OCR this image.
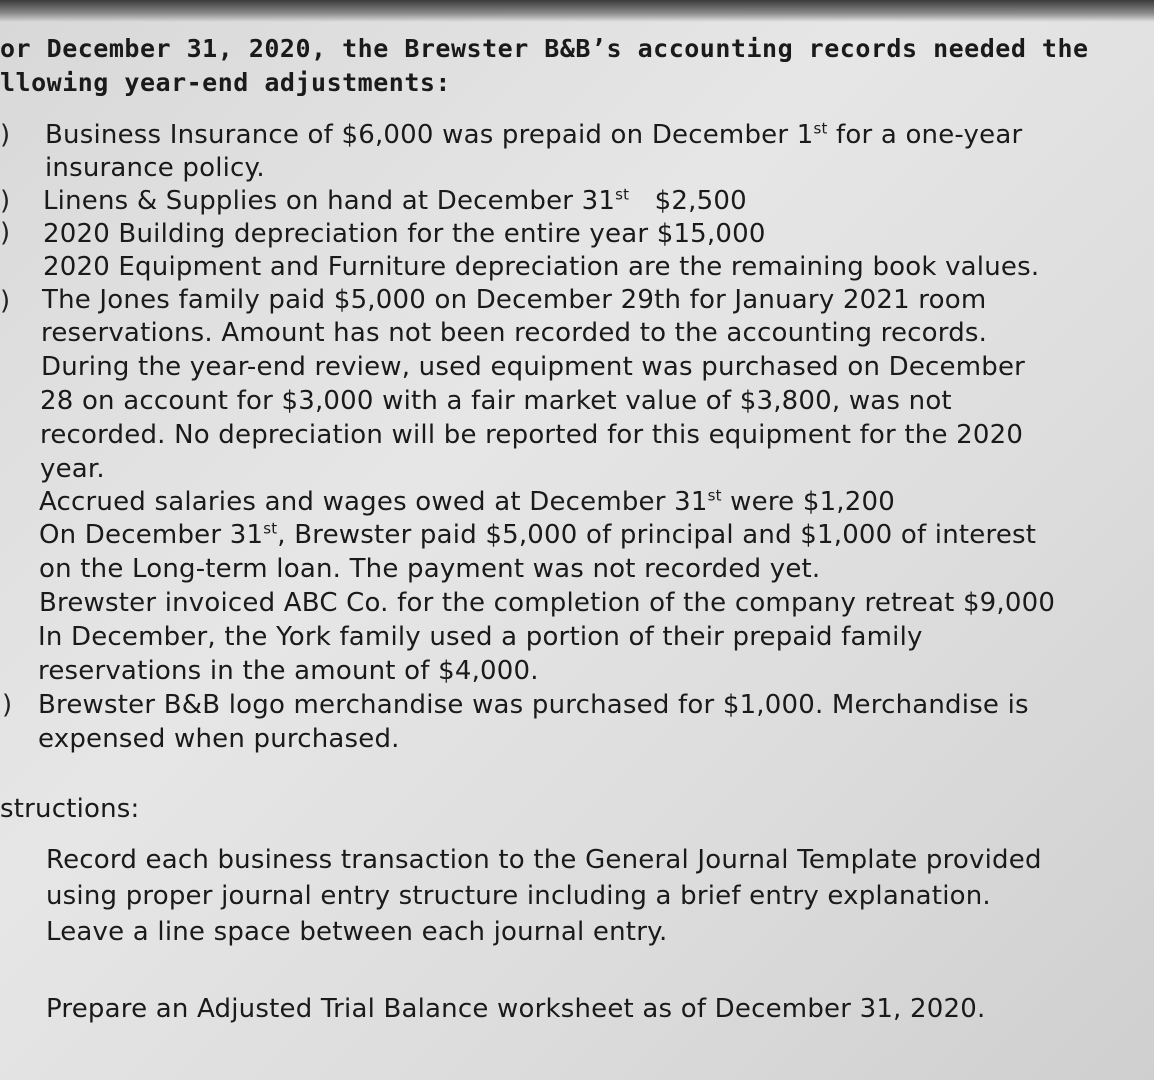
or December 31, 2020, the Brewster B&B’s accounting records needed the
llowing year-end adjustments:
)
)
)
)
Business Insurance of $6,000 was prepaid on December 1st for a one-year
insurance policy.
Linens & Supplies on hand at December 31st   $2,500
2020 Building depreciation for the entire year $15,000
2020 Equipment and Furniture depreciation are the remaining book values.
The Jones family paid $5,000 on December 29th for January 2021 room
reservations. Amount has not been recorded to the accounting records.
During the year-end review, used equipment was purchased on December
28 on account for $3,000 with a fair market value of $3,800, was not
recorded. No depreciation will be reported for this equipment for the 2020
year.
Accrued salaries and wages owed at December 31st were $1,200
On December 31st, Brewster paid $5,000 of principal and $1,000 of interest
on the Long-term loan. The payment was not recorded yet.
Brewster invoiced ABC Co. for the completion of the company retreat $9,000
In December, the York family used a portion of their prepaid family
reservations in the amount of $4,000.
) Brewster B&B logo merchandise was purchased for $1,000. Merchandise is
expensed when purchased.
structions:
Record each business transaction to the General Journal Template provided
using proper journal entry structure including a brief entry explanation.
Leave a line space between each journal entry.
Prepare an Adjusted Trial Balance worksheet as of December 31, 2020.
